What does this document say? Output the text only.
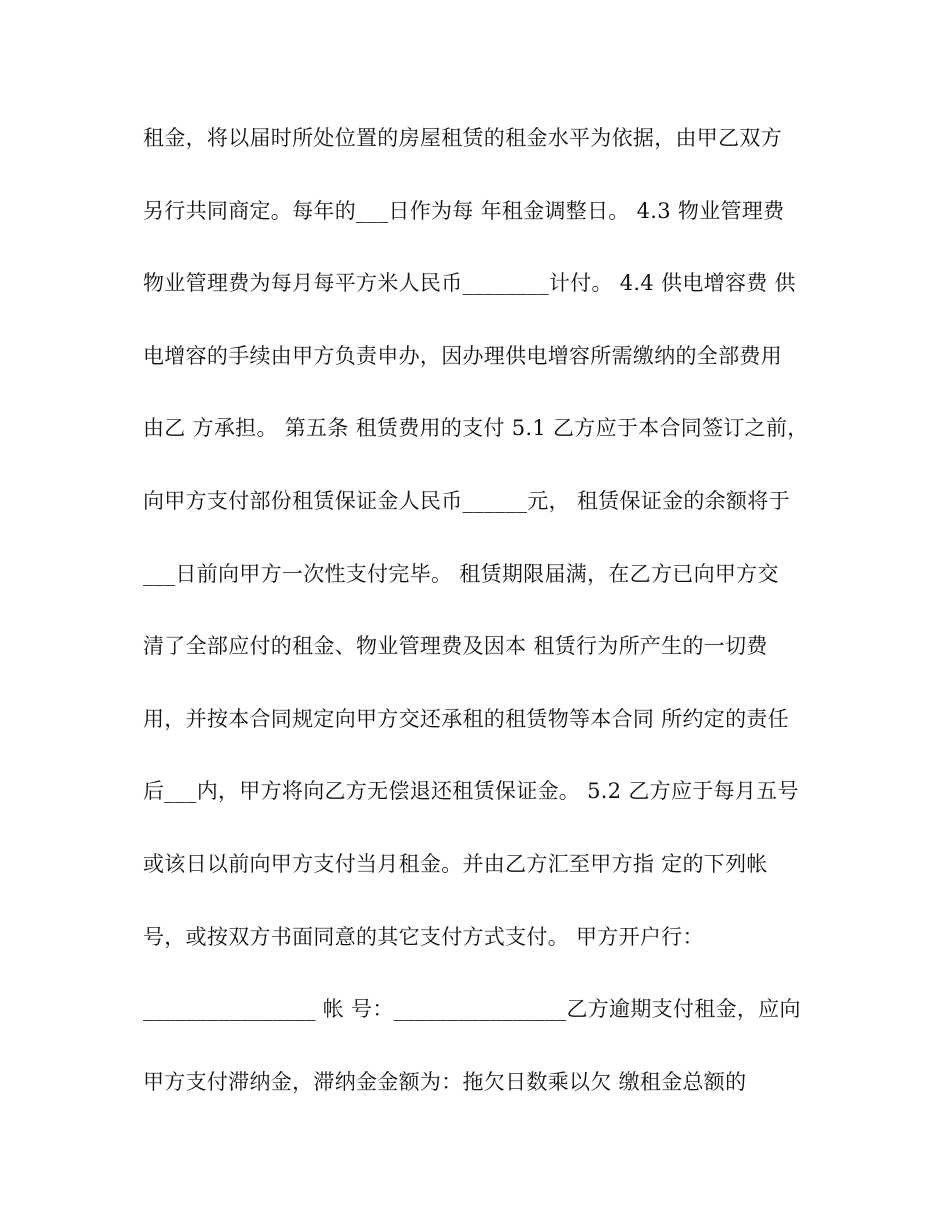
租金，将以届时所处位置的房屋租赁的租金水平为依据，由甲乙双方
另行共同商定。每年的___日作为每 年租金调整日。 4.3 物业管理费
物业管理费为每月每平方米人民币________计付。 4.4 供电增容费 供
电增容的手续由甲方负责申办，因办理供电增容所需缴纳的全部费用
由乙 方承担。 第五条 租赁费用的支付 5.1 乙方应于本合同签订之前，
向甲方支付部份租赁保证金人民币______元， 租赁保证金的余额将于
___日前向甲方一次性支付完毕。 租赁期限届满，在乙方已向甲方交
清了全部应付的租金、物业管理费及因本 租赁行为所产生的一切费
用，并按本合同规定向甲方交还承租的租赁物等本合同 所约定的责任
后___内，甲方将向乙方无偿退还租赁保证金。 5.2 乙方应于每月五号
或该日以前向甲方支付当月租金。并由乙方汇至甲方指 定的下列帐
号，或按双方书面同意的其它支付方式支付。 甲方开户行：
________________ 帐 号：________________乙方逾期支付租金，应向
甲方支付滞纳金，滞纳金金额为：拖欠日数乘以欠 缴租金总额的
